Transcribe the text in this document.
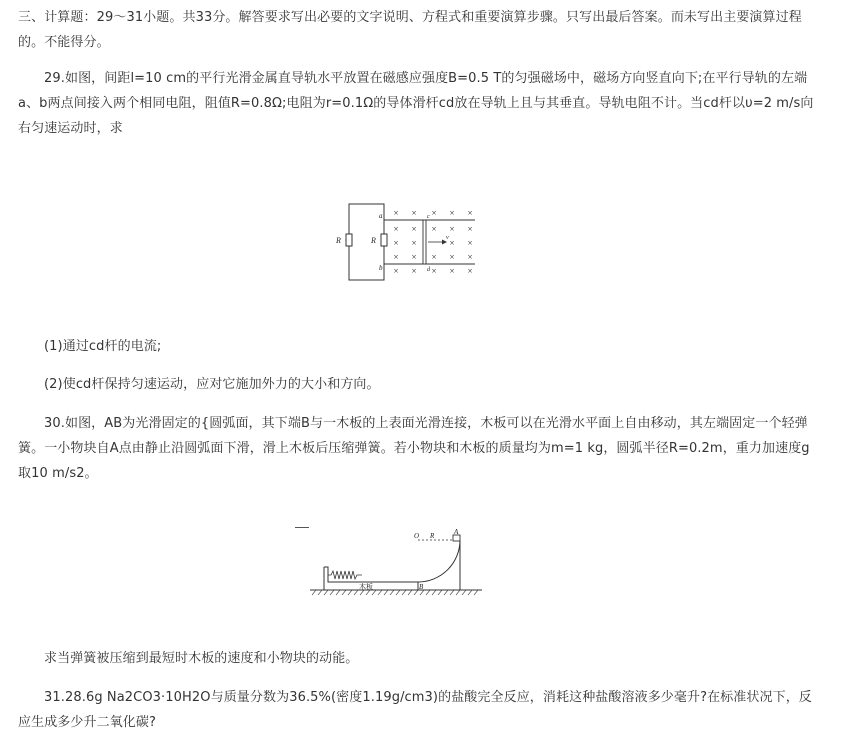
三、计算题：29～31小题。共33分。解答要求写出必要的文字说明、方程式和重要演算步骤。只写出最后答案。而未写出主要演算过程的。不能得分。

29.如图，间距l=10 cm的平行光滑金属直导轨水平放置在磁感应强度B=0.5 T的匀强磁场中，磁场方向竖直向下;在平行导轨的左端a、b两点间接入两个相同电阻，阻值R=0.8Ω;电阻为r=0.1Ω的导体滑杆cd放在导轨上且与其垂直。导轨电阻不计。当cd杆以υ=2 m/s向右匀速运动时，求

R	R
a
b
c
d
v
× × × × ×
× × × × ×
× ×	× ×
× × × × ×
× × × × ×

(1)通过cd杆的电流;

(2)使cd杆保持匀速运动，应对它施加外力的大小和方向。

30.如图，AB为光滑固定的{圆弧面，其下端B与一木板的上表面光滑连接，木板可以在光滑水平面上自由移动，其左端固定一个轻弹簧。一小物块自A点由静止沿圆弧面下滑，滑上木板后压缩弹簧。若小物块和木板的质量均为m=1 kg，圆弧半径R=0.2m，重力加速度g取10 m/s2。

木板
O R	A
B

求当弹簧被压缩到最短时木板的速度和小物块的动能。

31.28.6g Na2CO3·10H2O与质量分数为36.5%(密度1.19g/cm3)的盐酸完全反应，消耗这种盐酸溶液多少毫升?在标准状况下，反应生成多少升二氧化碳?
